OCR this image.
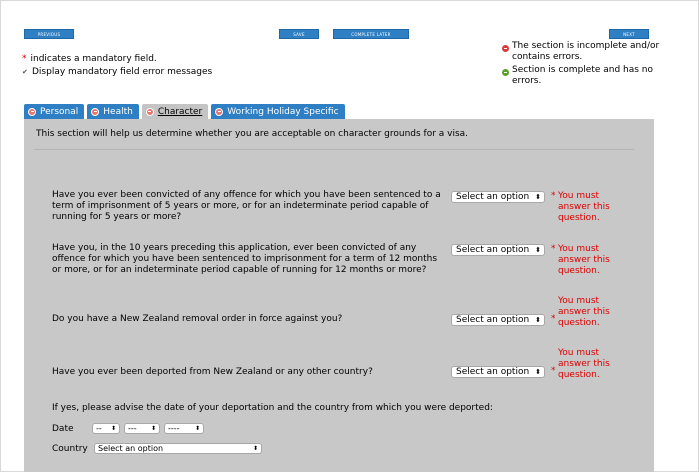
PREVIOUS	SAVE	COMPLETE LATER	NEXT
* indicates a mandatory field.
✔ Display mandatory field error messages
The section is incomplete and/or contains errors.
Section is complete and has no errors.
Personal	Health	Character	Working Holiday Specific
This section will help us determine whether you are acceptable on character grounds for a visa.
Have you ever been convicted of any offence for which you have been sentenced to a term of imprisonment of 5 years or more, or for an indeterminate period capable of running for 5 years or more?
Select an option ⬍ * You must answer this question.
Have you, in the 10 years preceding this application, ever been convicted of any offence for which you have been sentenced to imprisonment for a term of 12 months or more, or for an indeterminate period capable of running for 12 months or more?
Select an option ⬍ * You must answer this question.
Do you have a New Zealand removal order in force against you?	Select an option ⬍ *
You must answer this question.
Have you ever been deported from New Zealand or any other country?	Select an option ⬍ *
You must answer this question.
If yes, please advise the date of your deportation and the country from which you were deported:
Date	-- ⬍	--- ⬍	----	⬍
Country	Select an option	⬍
